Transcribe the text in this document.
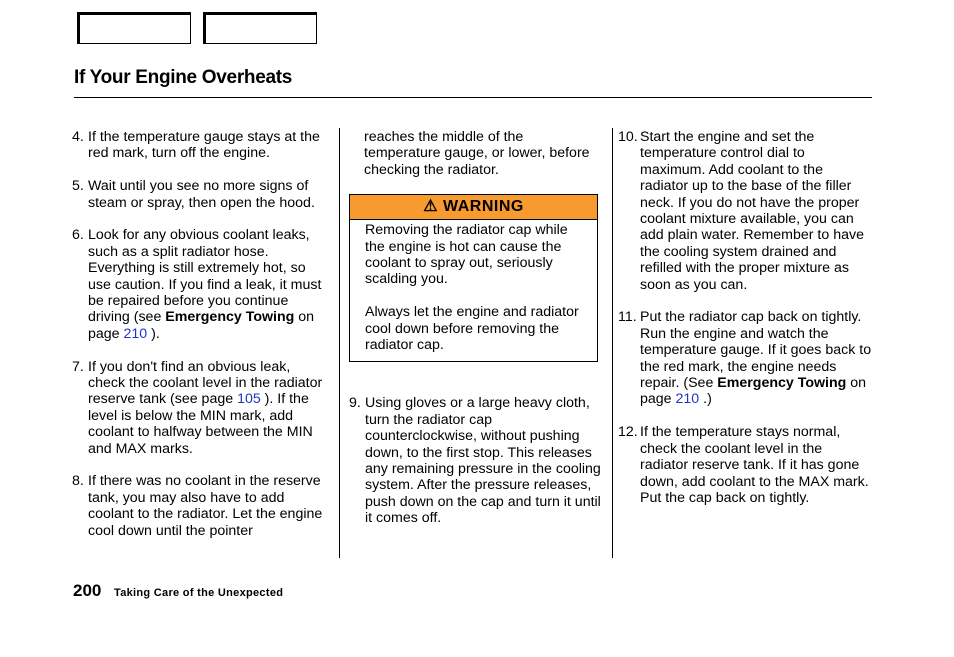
If Your Engine Overheats
4. If the temperature gauge stays at the red mark, turn off the engine.
5. Wait until you see no more signs of steam or spray, then open the hood.
6. Look for any obvious coolant leaks, such as a split radiator hose. Everything is still extremely hot, so use caution. If you find a leak, it must be repaired before you continue driving (see Emergency Towing on page 210 ).
7. If you don't find an obvious leak, check the coolant level in the radiator reserve tank (see page 105 ). If the level is below the MIN mark, add coolant to halfway between the MIN and MAX marks.
8. If there was no coolant in the reserve tank, you may also have to add coolant to the radiator. Let the engine cool down until the pointer
reaches the middle of the temperature gauge, or lower, before checking the radiator.
⚠ WARNING
Removing the radiator cap while the engine is hot can cause the coolant to spray out, seriously scalding you.
Always let the engine and radiator cool down before removing the radiator cap.
9. Using gloves or a large heavy cloth, turn the radiator cap counterclockwise, without pushing down, to the first stop. This releases any remaining pressure in the cooling system. After the pressure releases, push down on the cap and turn it until it comes off.
10. Start the engine and set the temperature control dial to maximum. Add coolant to the radiator up to the base of the filler neck. If you do not have the proper coolant mixture available, you can add plain water. Remember to have the cooling system drained and refilled with the proper mixture as soon as you can.
11. Put the radiator cap back on tightly. Run the engine and watch the temperature gauge. If it goes back to the red mark, the engine needs repair. (See Emergency Towing on page 210 .)
12. If the temperature stays normal, check the coolant level in the radiator reserve tank. If it has gone down, add coolant to the MAX mark. Put the cap back on tightly.
200 Taking Care of the Unexpected
